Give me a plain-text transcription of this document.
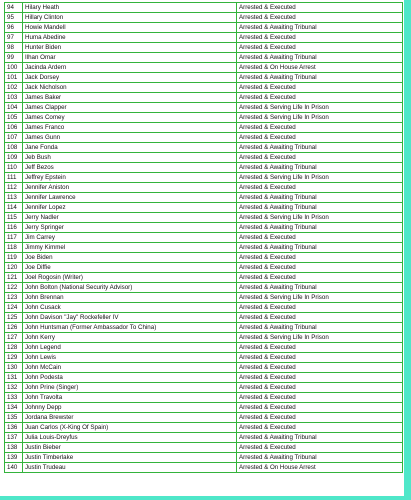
94	Hilary Heath	Arrested & Executed
95	Hillary Clinton	Arrested & Executed
96	Howie Mandell	Arrested & Awaiting Tribunal
97	Huma Abedine	Arrested & Executed
98	Hunter Biden	Arrested & Executed
99	Ilhan Omar	Arrested & Awaiting Tribunal
100	Jacinda Ardern	Arrested & On House Arrest
101	Jack Dorsey	Arrested & Awaiting Tribunal
102	Jack Nicholson	Arrested & Executed
103	James Baker	Arrested & Executed
104	James Clapper	Arrested & Serving Life In Prison
105	James Comey	Arrested & Serving Life In Prison
106	James Franco	Arrested & Executed
107	James Gunn	Arrested & Executed
108	Jane Fonda	Arrested & Awaiting Tribunal
109	Jeb Bush	Arrested & Executed
110	Jeff Bezos	Arrested & Awaiting Tribunal
111	Jeffrey Epstein	Arrested & Serving Life In Prison
112	Jennifer Aniston	Arrested & Executed
113	Jennifer Lawrence	Arrested & Awaiting Tribunal
114	Jennifer Lopez	Arrested & Awaiting Tribunal
115	Jerry Nadler	Arrested & Serving Life In Prison
116	Jerry Springer	Arrested & Awaiting Tribunal
117	Jim Carrey	Arrested & Executed
118	Jimmy Kimmel	Arrested & Awaiting Tribunal
119	Joe Biden	Arrested & Executed
120	Joe Diffie	Arrested & Executed
121	Joel Rogosin (Writer)	Arrested & Executed
122	John Bolton (National Security Advisor)	Arrested & Awaiting Tribunal
123	John Brennan	Arrested & Serving Life In Prison
124	John Cusack	Arrested & Executed
125	John Davison "Jay" Rockefeller IV	Arrested & Executed
126	John Huntsman (Former Ambassador To China)	Arrested & Awaiting Tribunal
127	John Kerry	Arrested & Serving Life In Prison
128	John Legend	Arrested & Executed
129	John Lewis	Arrested & Executed
130	John McCain	Arrested & Executed
131	John Podesta	Arrested & Executed
132	John Prine (Singer)	Arrested & Executed
133	John Travolta	Arrested & Executed
134	Johnny Depp	Arrested & Executed
135	Jordana Brewster	Arrested & Executed
136	Juan Carlos (X-King Of Spain)	Arrested & Executed
137	Julia Louis-Dreyfus	Arrested & Awaiting Tribunal
138	Justin Bieber	Arrested & Executed
139	Justin Timberlake	Arrested & Awaiting Tribunal
140	Justin Trudeau	Arrested & On House Arrest
